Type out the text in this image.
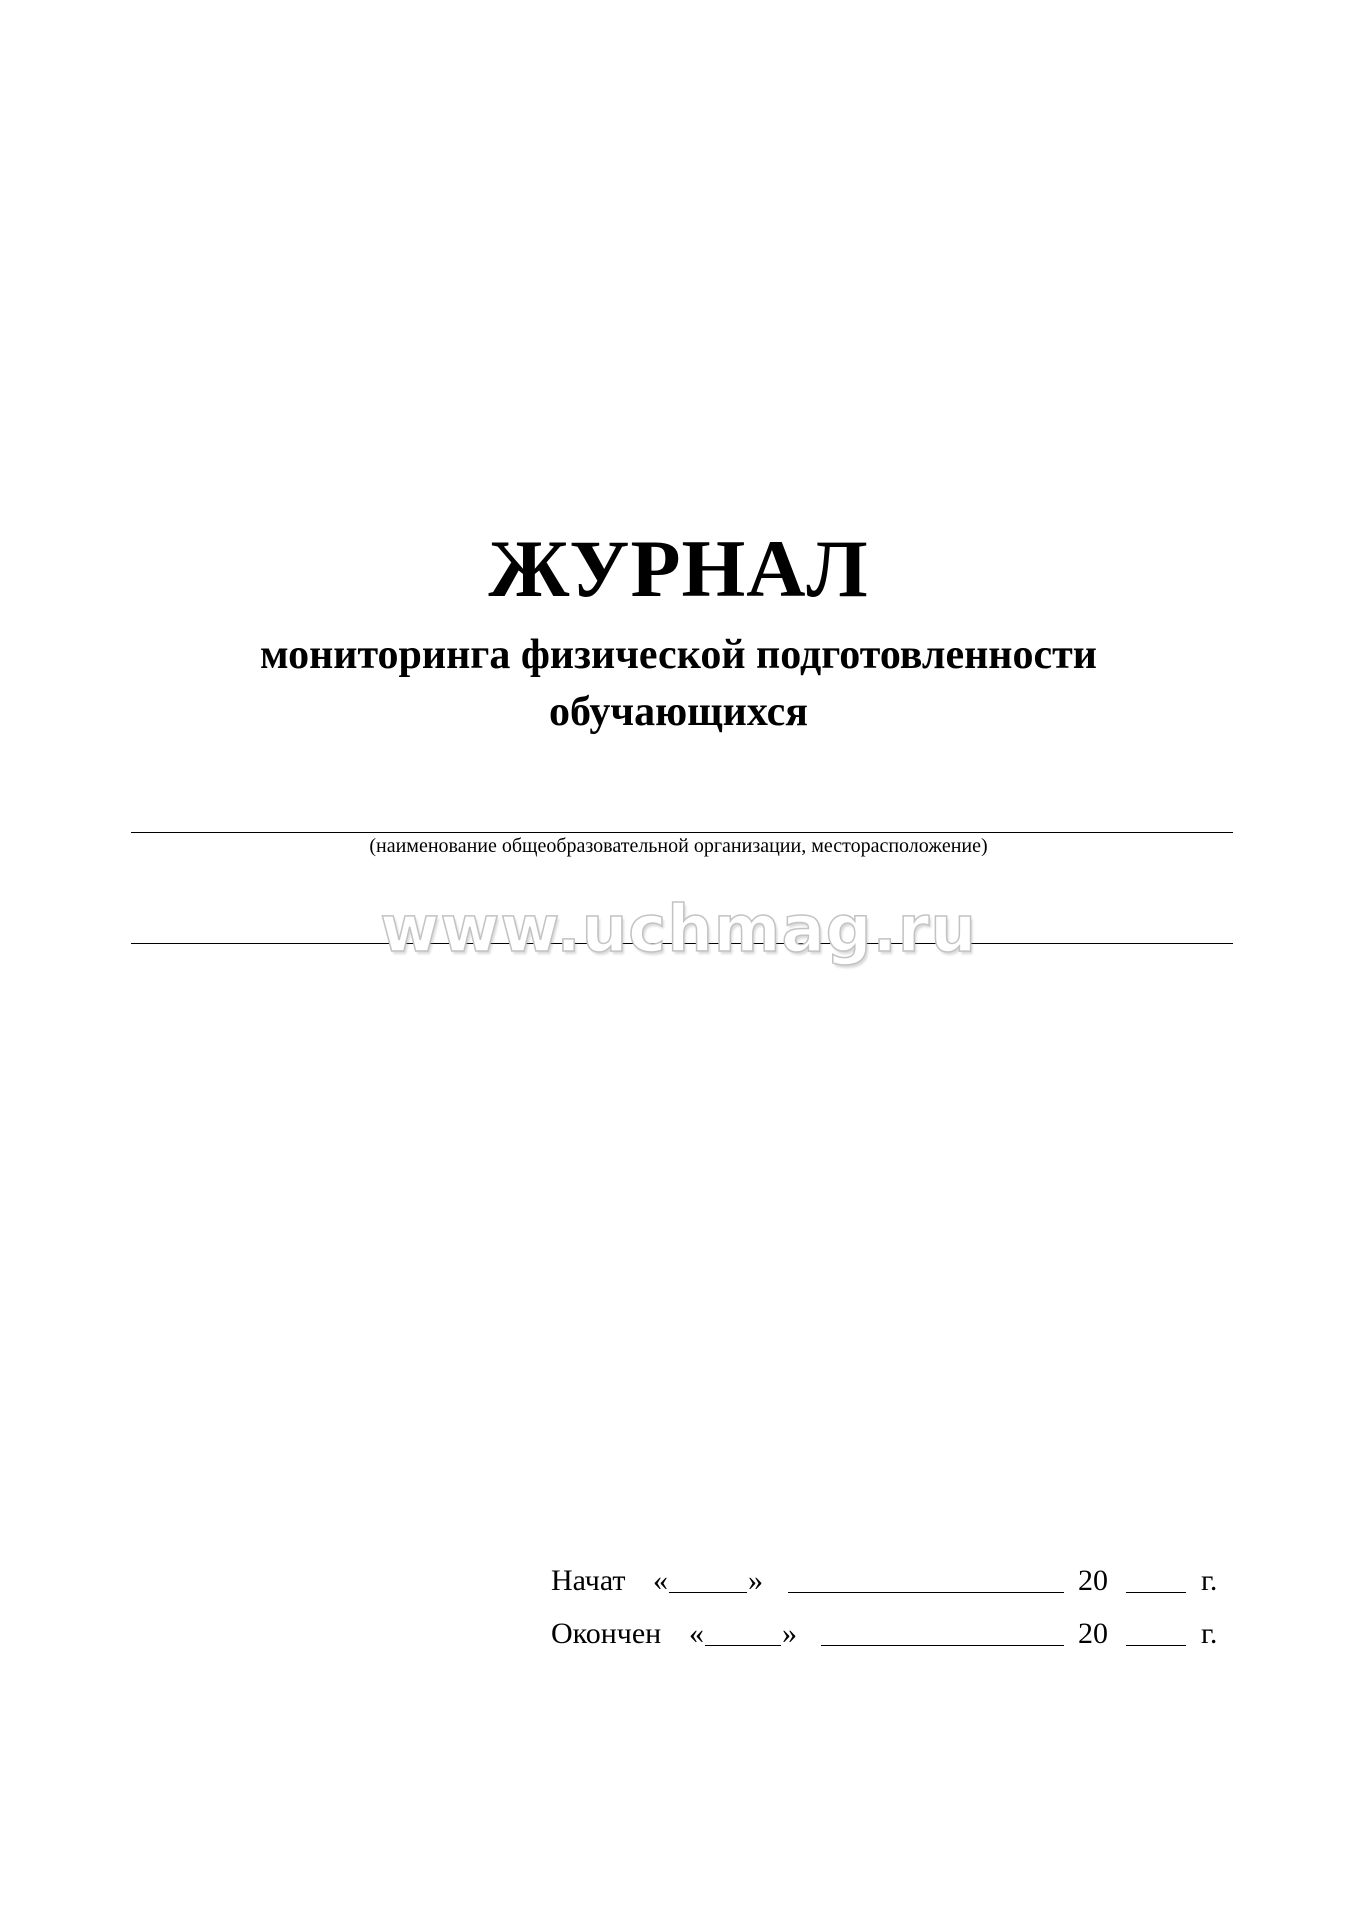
ЖУРНАЛ
мониторинга физической подготовленности
обучающихся
(наименование общеобразовательной организации, месторасположение)
www.uchmag.ru
Начат «	»	20	г.
Окончен «	»	20	г.
